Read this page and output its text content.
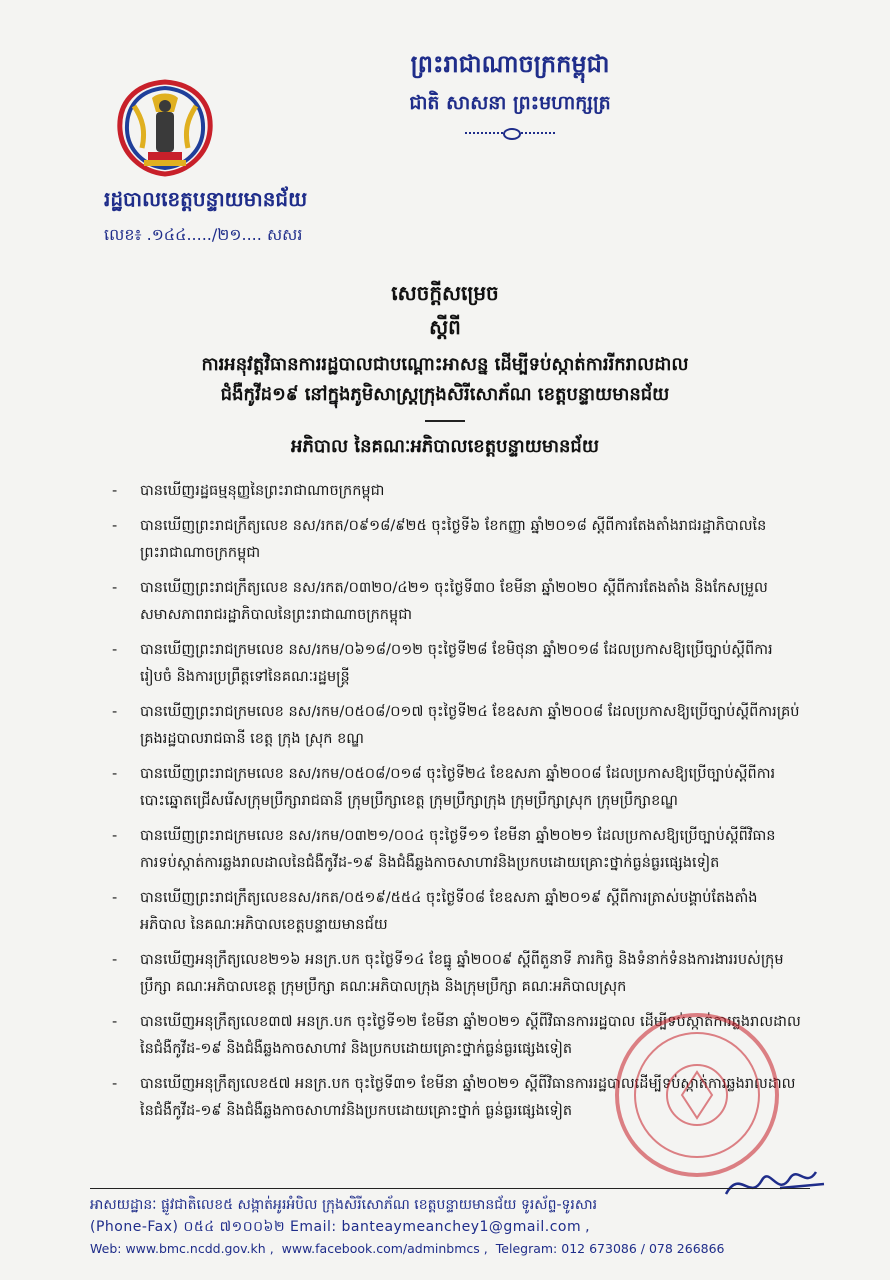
ព្រះរាជាណាចក្រកម្ពុជា
ជាតិ សាសនា ព្រះមហាក្សត្រ
រដ្ឋបាលខេត្តបន្ទាយមានជ័យ
លេខ៖ .១៤៤...../២១.... សសរ
សេចក្តីសម្រេច
ស្តីពី
ការអនុវត្តវិធានការរដ្ឋបាលជាបណ្តោះអាសន្ន ដើម្បីទប់ស្កាត់ការរីករាលដាល
ជំងឺកូវីដ១៩ នៅក្នុងភូមិសាស្ត្រក្រុងសិរីសោភ័ណ ខេត្តបន្ទាយមានជ័យ
អភិបាល នៃគណៈអភិបាលខេត្តបន្ទាយមានជ័យ
- បានឃើញរដ្ឋធម្មនុញ្ញនៃព្រះរាជាណាចក្រកម្ពុជា
- បានឃើញព្រះរាជក្រឹត្យលេខ នស/រកត/០៩១៨/៩២៥ ចុះថ្ងៃទី៦ ខែកញ្ញា ឆ្នាំ២០១៨ ស្តីពីការតែងតាំងរាជរដ្ឋាភិបាលនៃព្រះរាជាណាចក្រកម្ពុជា
- បានឃើញព្រះរាជក្រឹត្យលេខ នស/រកត/០៣២០/៤២១ ចុះថ្ងៃទី៣០ ខែមីនា ឆ្នាំ២០២០ ស្តីពីការតែងតាំង និងកែសម្រួលសមាសភាពរាជរដ្ឋាភិបាលនៃព្រះរាជាណាចក្រកម្ពុជា
- បានឃើញព្រះរាជក្រមលេខ នស/រកម/០៦១៨/០១២ ចុះថ្ងៃទី២៨ ខែមិថុនា ឆ្នាំ២០១៨ ដែលប្រកាសឱ្យប្រើច្បាប់ស្តីពីការរៀបចំ និងការប្រព្រឹត្តទៅនៃគណៈរដ្ឋមន្ត្រី
- បានឃើញព្រះរាជក្រមលេខ នស/រកម/០៥០៨/០១៧ ចុះថ្ងៃទី២៤ ខែឧសភា ឆ្នាំ២០០៨ ដែលប្រកាសឱ្យប្រើច្បាប់ស្តីពីការគ្រប់គ្រងរដ្ឋបាលរាជធានី ខេត្ត ក្រុង ស្រុក ខណ្ឌ
- បានឃើញព្រះរាជក្រមលេខ នស/រកម/០៥០៨/០១៨ ចុះថ្ងៃទី២៤ ខែឧសភា ឆ្នាំ២០០៨ ដែលប្រកាសឱ្យប្រើច្បាប់ស្តីពីការបោះឆ្នោតជ្រើសរើសក្រុមប្រឹក្សារាជធានី ក្រុមប្រឹក្សាខេត្ត ក្រុមប្រឹក្សាក្រុង ក្រុមប្រឹក្សាស្រុក ក្រុមប្រឹក្សាខណ្ឌ
- បានឃើញព្រះរាជក្រមលេខ នស/រកម/០៣២១/០០៤ ចុះថ្ងៃទី១១ ខែមីនា ឆ្នាំ២០២១ ដែលប្រកាសឱ្យប្រើច្បាប់ស្តីពីវិធានការទប់ស្កាត់ការឆ្លងរាលដាលនៃជំងឺកូវីដ-១៩ និងជំងឺឆ្លងកាចសាហាវនិងប្រកបដោយគ្រោះថ្នាក់ធ្ងន់ធ្ងរផ្សេងទៀត
- បានឃើញព្រះរាជក្រឹត្យលេខនស/រកត/០៥១៩/៥៥៤ ចុះថ្ងៃទី០៨ ខែឧសភា ឆ្នាំ២០១៩ ស្តីពីការត្រាស់បង្គាប់តែងតាំងអភិបាល នៃគណៈអភិបាលខេត្តបន្ទាយមានជ័យ
- បានឃើញអនុក្រឹត្យលេខ២១៦ អនក្រ.បក ចុះថ្ងៃទី១៤ ខែធ្នូ ឆ្នាំ២០០៩ ស្តីពីតួនាទី ភារកិច្ច និងទំនាក់ទំនងការងាររបស់ក្រុមប្រឹក្សា គណៈអភិបាលខេត្ត ក្រុមប្រឹក្សា គណៈអភិបាលក្រុង និងក្រុមប្រឹក្សា គណៈអភិបាលស្រុក
- បានឃើញអនុក្រឹត្យលេខ៣៧ អនក្រ.បក ចុះថ្ងៃទី១២ ខែមីនា ឆ្នាំ២០២១ ស្តីពីវិធានការរដ្ឋបាល ដើម្បីទប់ស្កាត់ការឆ្លងរាលដាលនៃជំងឺកូវីដ-១៩ និងជំងឺឆ្លងកាចសាហាវ និងប្រកបដោយគ្រោះថ្នាក់ធ្ងន់ធ្ងរផ្សេងទៀត
- បានឃើញអនុក្រឹត្យលេខ៥៧ អនក្រ.បក ចុះថ្ងៃទី៣១ ខែមីនា ឆ្នាំ២០២១ ស្តីពីវិធានការរដ្ឋបាលដើម្បីទប់ស្កាត់ការឆ្លងរាលដាលនៃជំងឺកូវីដ-១៩ និងជំងឺឆ្លងកាចសាហាវនិងប្រកបដោយគ្រោះថ្នាក់ ធ្ងន់ធ្ងរផ្សេងទៀត
អាសយដ្ឋានៈ ផ្លូវជាតិលេខ៥ សង្កាត់អូរអំបិល ក្រុងសិរីសោភ័ណ ខេត្តបន្ទាយមានជ័យ ទូរស័ព្ទ-ទូរសារ
(Phone-Fax) ០៥៤ ៧១០០៦២ Email: banteaymeanchey1@gmail.com ,
Web: www.bmc.ncdd.gov.kh , www.facebook.com/adminbmcs , Telegram: 012 673086 / 078 266866
